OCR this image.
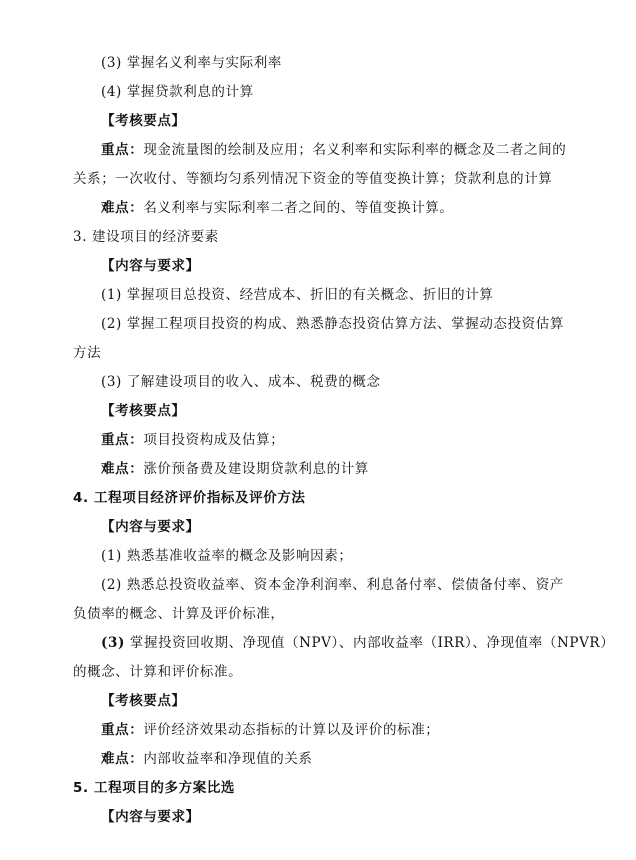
(3) 掌握名义利率与实际利率
(4) 掌握贷款利息的计算
【考核要点】
重点：现金流量图的绘制及应用；名义利率和实际利率的概念及二者之间的
关系；一次收付、等额均匀系列情况下资金的等值变换计算；贷款利息的计算
难点：名义利率与实际利率二者之间的、等值变换计算。
3. 建设项目的经济要素
【内容与要求】
(1) 掌握项目总投资、经营成本、折旧的有关概念、折旧的计算
(2) 掌握工程项目投资的构成、熟悉静态投资估算方法、掌握动态投资估算
方法
(3) 了解建设项目的收入、成本、税费的概念
【考核要点】
重点：项目投资构成及估算；
难点：涨价预备费及建设期贷款利息的计算
4. 工程项目经济评价指标及评价方法
【内容与要求】
(1) 熟悉基准收益率的概念及影响因素；
(2) 熟悉总投资收益率、资本金净利润率、利息备付率、偿债备付率、资产
负债率的概念、计算及评价标准，
(3) 掌握投资回收期、净现值（NPV）、内部收益率（IRR）、净现值率（NPVR）
的概念、计算和评价标准。
【考核要点】
重点：评价经济效果动态指标的计算以及评价的标准；
难点：内部收益率和净现值的关系
5. 工程项目的多方案比选
【内容与要求】
